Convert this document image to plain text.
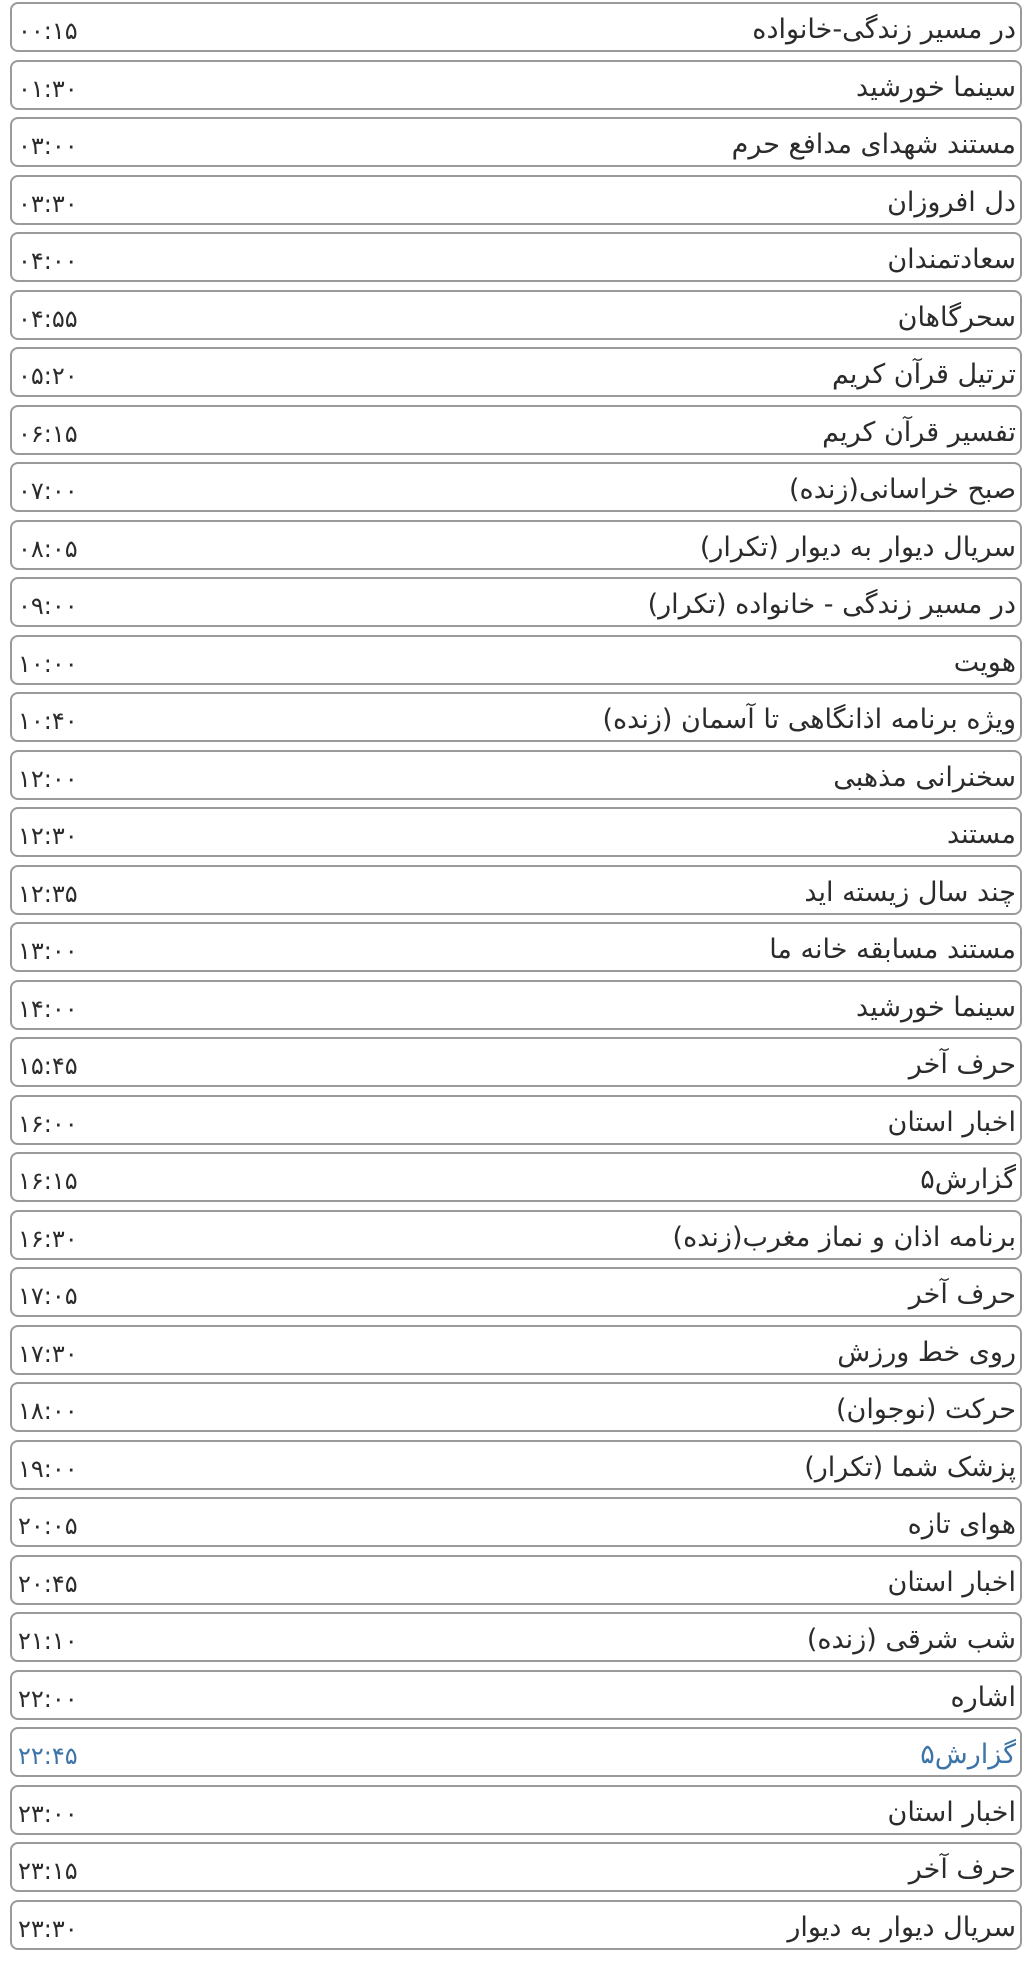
در مسیر زندگی-خانواده
۰۰:۱۵
سینما خورشید
۰۱:۳۰
مستند شهدای مدافع حرم
۰۳:۰۰
دل افروزان
۰۳:۳۰
سعادتمندان
۰۴:۰۰
سحرگاهان
۰۴:۵۵
ترتیل قرآن کریم
۰۵:۲۰
تفسیر قرآن کریم
۰۶:۱۵
صبح خراسانی(زنده)
۰۷:۰۰
سریال دیوار به دیوار (تکرار)
۰۸:۰۵
در مسیر زندگی - خانواده (تکرار)
۰۹:۰۰
هویت
۱۰:۰۰
ویژه برنامه اذانگاهی تا آسمان (زنده)
۱۰:۴۰
سخنرانی مذهبی
۱۲:۰۰
مستند
۱۲:۳۰
چند سال زیسته اید
۱۲:۳۵
مستند مسابقه خانه ما
۱۳:۰۰
سینما خورشید
۱۴:۰۰
حرف آخر
۱۵:۴۵
اخبار استان
۱۶:۰۰
گزارش۵
۱۶:۱۵
برنامه اذان و نماز مغرب(زنده)
۱۶:۳۰
حرف آخر
۱۷:۰۵
روی خط ورزش
۱۷:۳۰
حرکت (نوجوان)
۱۸:۰۰
پزشک شما (تکرار)
۱۹:۰۰
هوای تازه
۲۰:۰۵
اخبار استان
۲۰:۴۵
شب شرقی (زنده)
۲۱:۱۰
اشاره
۲۲:۰۰
گزارش۵
۲۲:۴۵
اخبار استان
۲۳:۰۰
حرف آخر
۲۳:۱۵
سریال دیوار به دیوار
۲۳:۳۰
